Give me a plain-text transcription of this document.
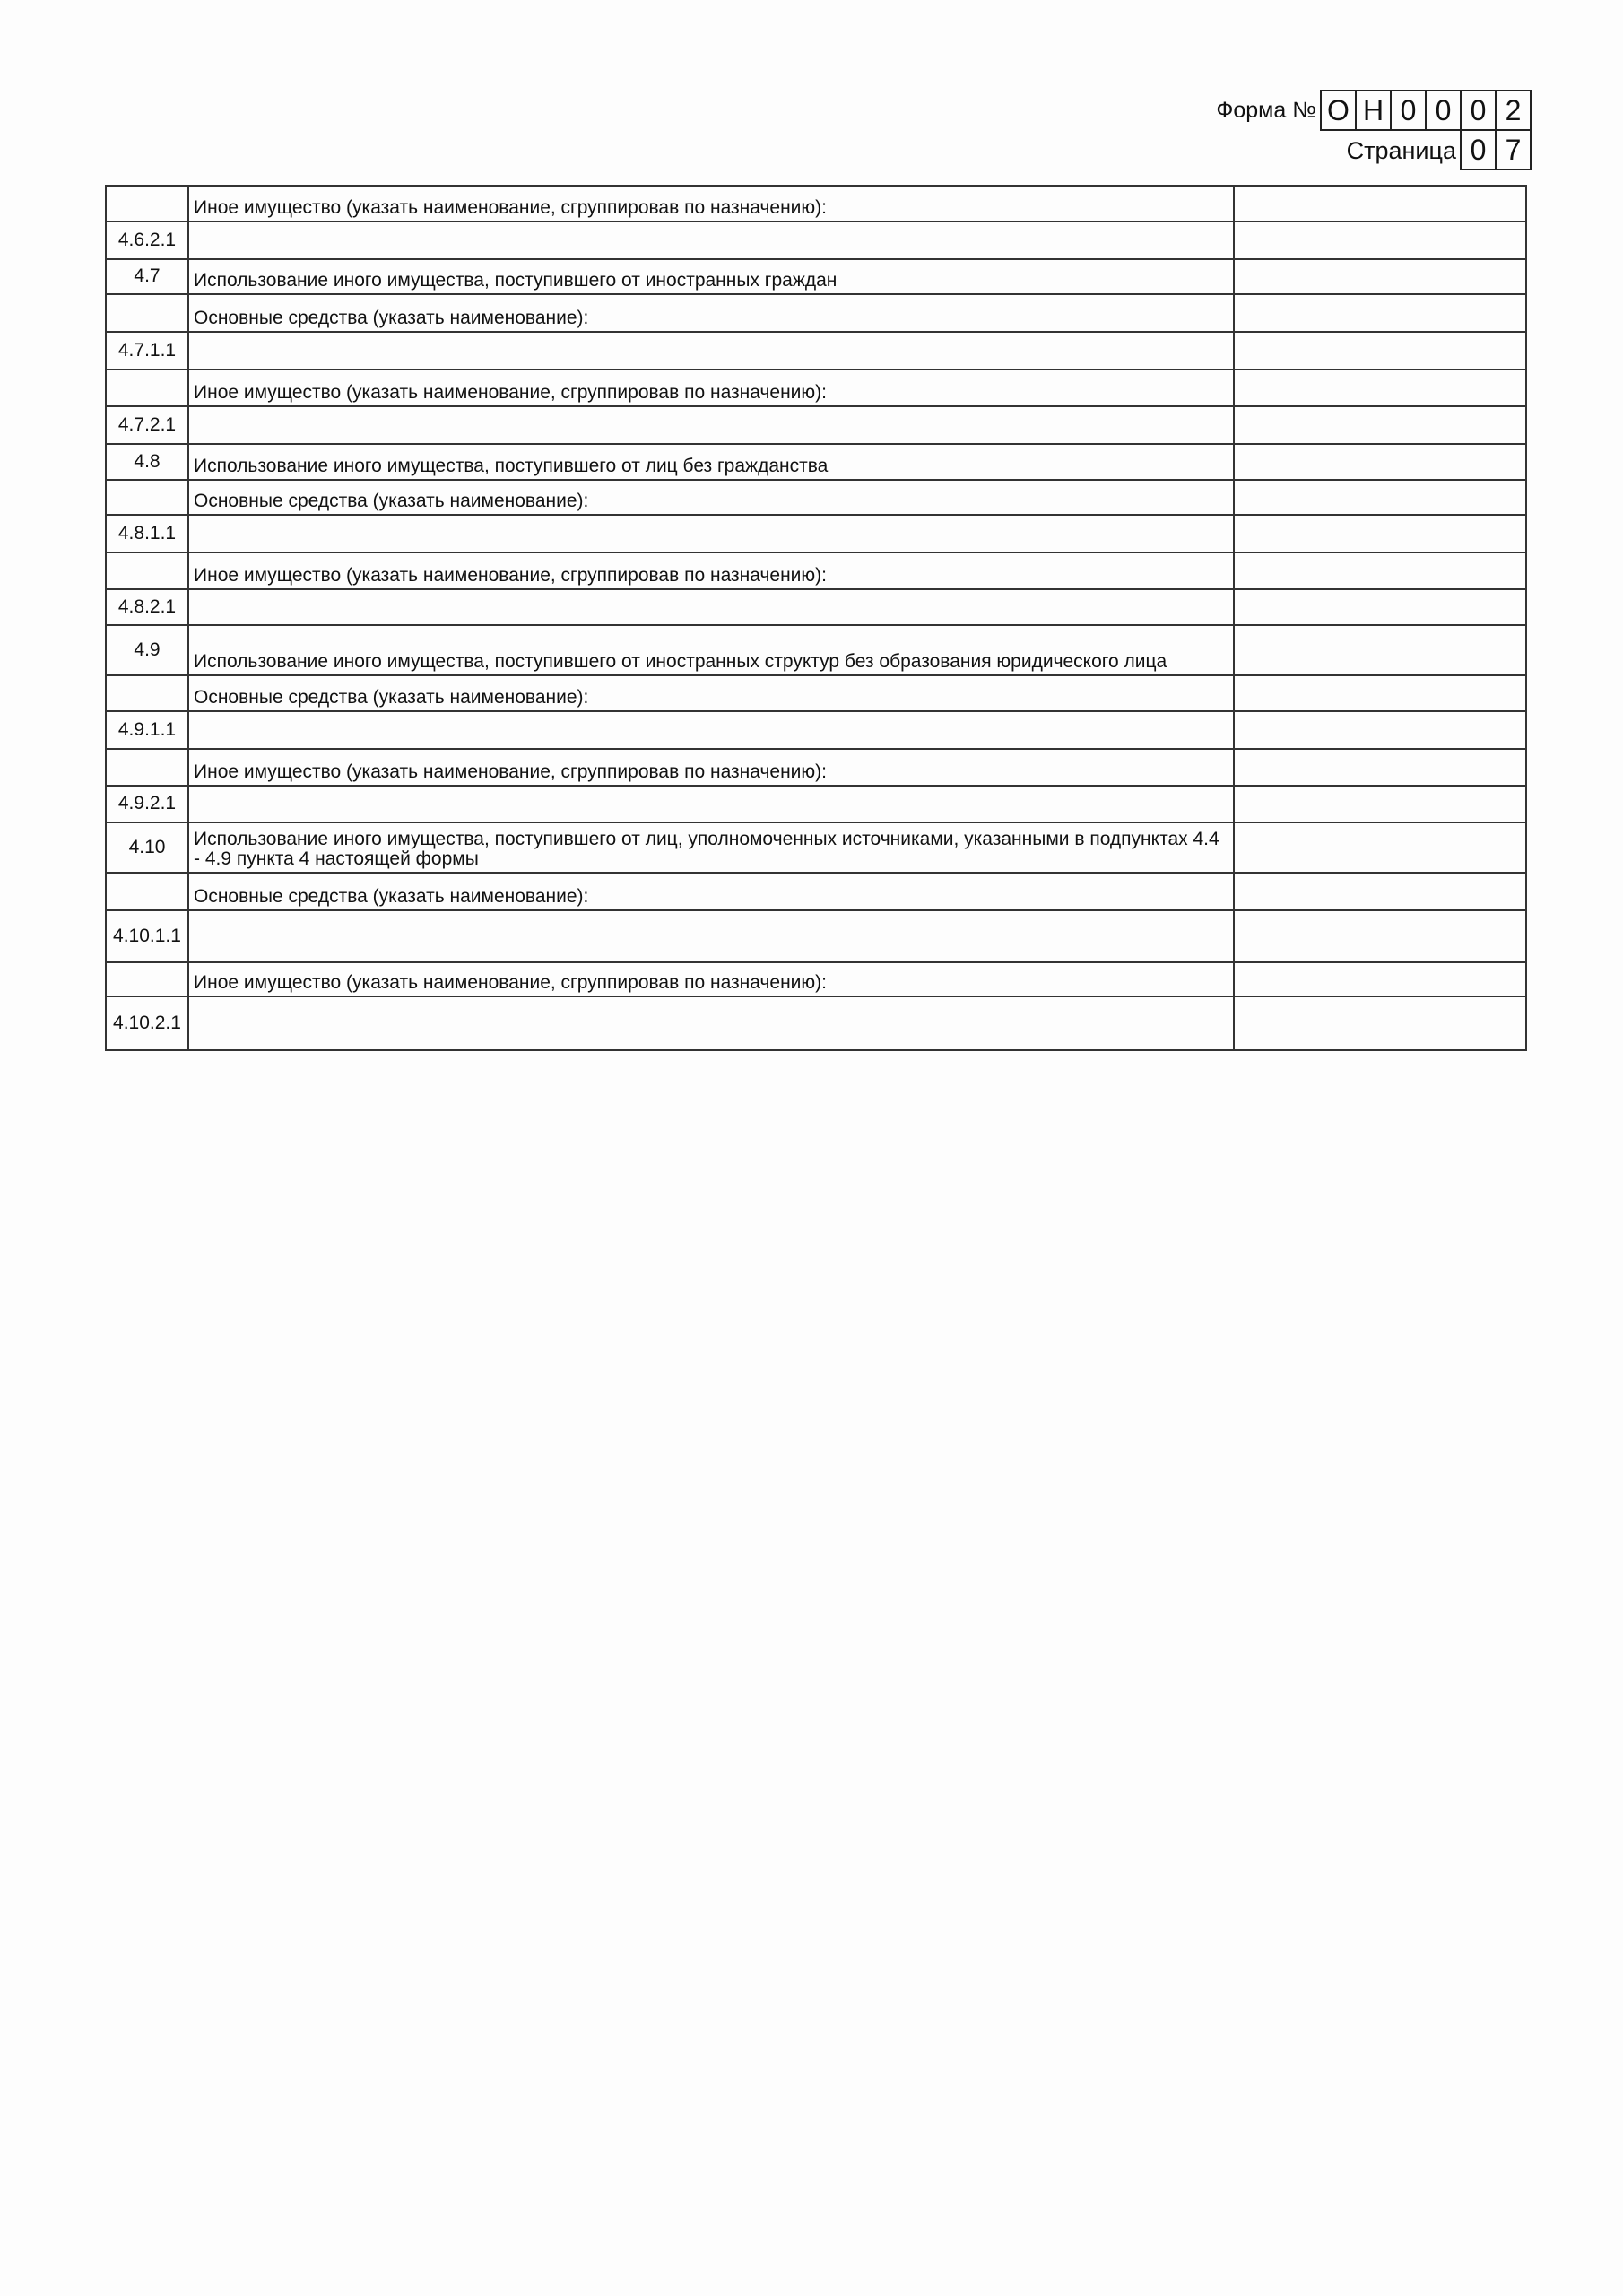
Форма № О Н 0 0 0 2
Страница 0 7
	Иное имущество (указать наименование, сгруппировав по назначению):	
4.6.2.1		
4.7	Использование иного имущества, поступившего от иностранных граждан	
	Основные средства (указать наименование):	
4.7.1.1		
	Иное имущество (указать наименование, сгруппировав по назначению):	
4.7.2.1		
4.8	Использование иного имущества, поступившего от лиц без гражданства	
	Основные средства (указать наименование):	
4.8.1.1		
	Иное имущество (указать наименование, сгруппировав по назначению):	
4.8.2.1		
4.9	Использование иного имущества, поступившего от иностранных структур без образования юридического лица	
	Основные средства (указать наименование):	
4.9.1.1		
	Иное имущество (указать наименование, сгруппировав по назначению):	
4.9.2.1		
4.10	Использование иного имущества, поступившего от лиц, уполномоченных источниками, указанными в подпунктах 4.4 - 4.9 пункта 4 настоящей формы	
	Основные средства (указать наименование):	
4.10.1.1		
	Иное имущество (указать наименование, сгруппировав по назначению):	
4.10.2.1		
